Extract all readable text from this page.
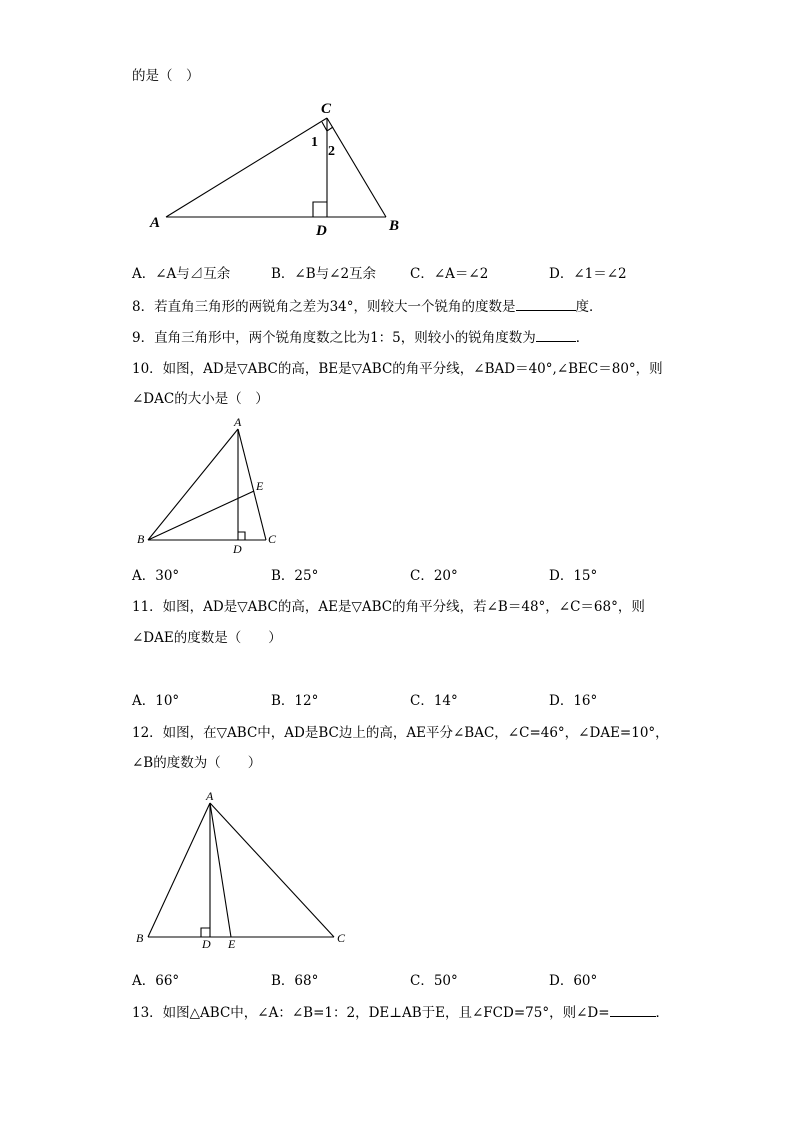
的是（　）
C
1
2
A	D	B
A．∠A与⊿互余	B．∠B与∠2互余	C．∠A＝∠2	D．∠1＝∠2
8．若直角三角形的两锐角之差为34°，则较大一个锐角的度数是	度．
9．直角三角形中，两个锐角度数之比为1：5，则较小的锐角度数为	．
10．如图，AD是▽ABC的高，BE是▽ABC的角平分线，∠BAD＝40°,∠BEC＝80°，则
∠DAC的大小是（　）
A
E
B
D
C
A．30°	B．25°	C．20°	D．15°
11．如图，AD是▽ABC的高，AE是▽ABC的角平分线，若∠B＝48°，∠C＝68°，则
∠DAE的度数是（　　）
A．10°	B．12°	C．14°	D．16°
12．如图，在▽ABC中，AD是BC边上的高，AE平分∠BAC，∠C=46°，∠DAE=10°，
∠B的度数为（　　）
A
B	D E	C
A．66°	B．68°	C．50°	D．60°
13．如图△ABC中，∠A：∠B=1：2，DE⊥AB于E，且∠FCD=75°，则∠D=	．
